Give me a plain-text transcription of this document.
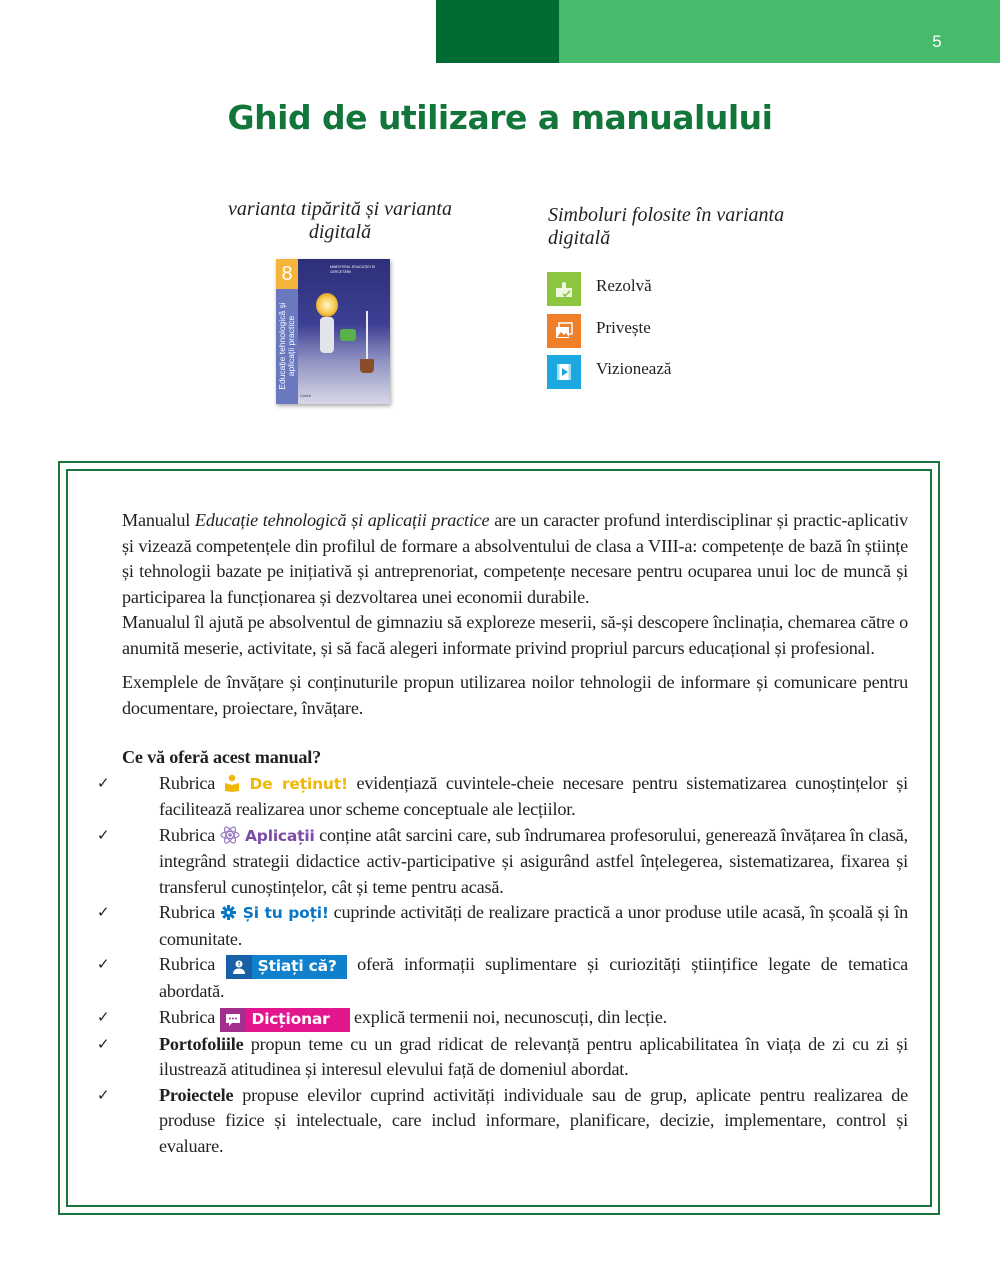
5
Ghid de utilizare a manualului
varianta tipărită și varianta digitală
8
Educație tehnologică și aplicații practice
MINISTERUL EDUCAȚIEI ȘI CERCETĂRII
Corint
Simboluri folosite în varianta digitală
Rezolvă
Privește
Vizionează

Manualul Educație tehnologică și aplicații practice are un caracter profund interdisciplinar și practic-aplicativ și vizează competențele din profilul de formare a absolventului de clasa a VIII-a: competențe de bază în științe și tehnologii bazate pe inițiativă și antreprenoriat, competențe necesare pentru ocuparea unui loc de muncă și participarea la funcționarea și dezvoltarea unei economii durabile.

Manualul îl ajută pe absolventul de gimnaziu să exploreze meserii, să-și descopere înclinația, chemarea către o anumită meserie, activitate, și să facă alegeri informate privind propriul parcurs educațional și profesional.

Exemplele de învățare și conținuturile propun utilizarea noilor tehnologii de informare și comunicare pentru documentare, proiectare, învățare.

Ce vă oferă acest manual?

✓	Rubrica  De reținut! evidențiază cuvintele-cheie necesare pentru sistematizarea cunoștințelor și facilitează realizarea unor scheme conceptuale ale lecțiilor.
✓	Rubrica  Aplicații conține atât sarcini care, sub îndrumarea profesorului, generează învățarea în clasă, integrând strategii didactice activ-participative și asigurând astfel înțelegerea, sistematizarea, fixarea și transferul cunoștințelor, cât și teme pentru acasă.
✓	Rubrica  Și tu poți! cuprinde activități de realizare practică a unor produse utile acasă, în școală și în comunitate.
✓	Rubrica ?	Știați că? oferă informații suplimentare și curiozități științifice legate de tematica abordată.
✓	Rubrica	Dicționar	explică termenii noi, necunoscuți, din lecție.
✓	Portofoliile propun teme cu un grad ridicat de relevanță pentru aplicabilitatea în viața de zi cu zi și ilustrează atitudinea și interesul elevului față de domeniul abordat.
✓	Proiectele propuse elevilor cuprind activități individuale sau de grup, aplicate pentru realizarea de produse fizice și intelectuale, care includ informare, planificare, decizie, implementare, control și evaluare.
